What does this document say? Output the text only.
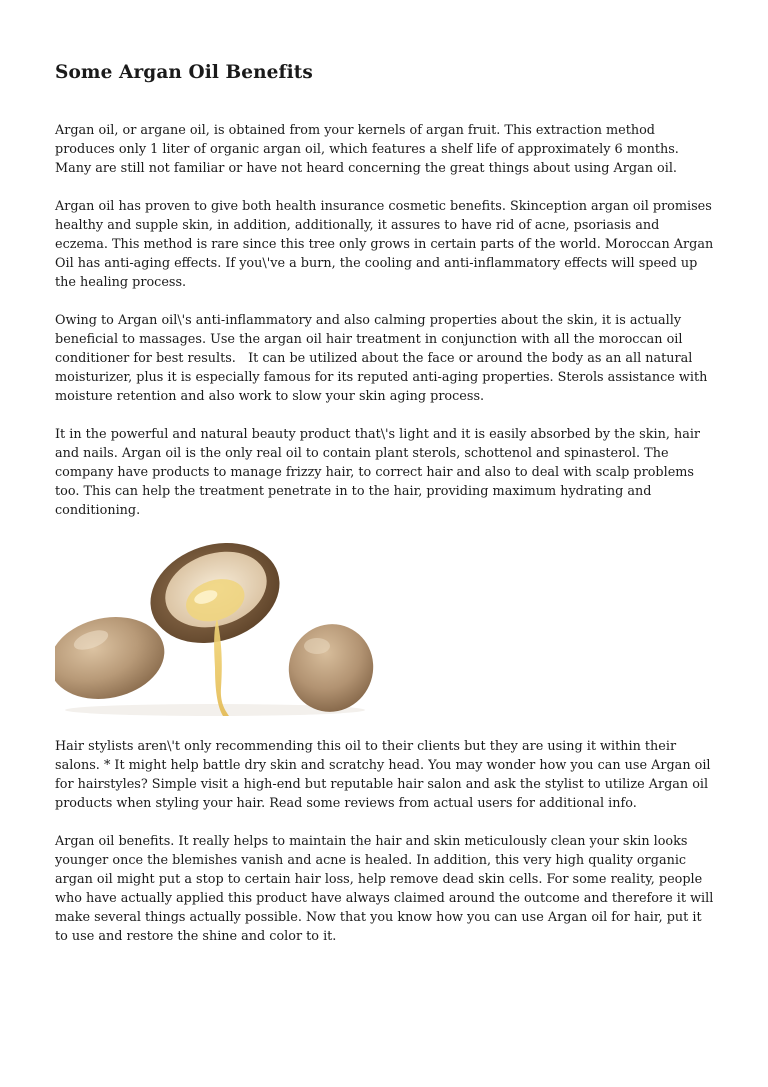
Some Argan Oil Benefits

Argan oil, or argane oil, is obtained from your kernels of argan fruit. This extraction method

produces only 1 liter of organic argan oil, which features a shelf life of approximately 6 months.

Many are still not familiar or have not heard concerning the great things about using Argan oil.

Argan oil has proven to give both health insurance cosmetic benefits. Skinception argan oil promises

healthy and supple skin, in addition, additionally, it assures to have rid of acne, psoriasis and

eczema. This method is rare since this tree only grows in certain parts of the world. Moroccan Argan

Oil has anti-aging effects. If you\'ve a burn, the cooling and anti-inflammatory effects will speed up

the healing process.

Owing to Argan oil\'s anti-inflammatory and also calming properties about the skin, it is actually

beneficial to massages. Use the argan oil hair treatment in conjunction with all the moroccan oil

conditioner for best results.   It can be utilized about the face or around the body as an all natural

moisturizer, plus it is especially famous for its reputed anti-aging properties. Sterols assistance with

moisture retention and also work to slow your skin aging process.

It in the powerful and natural beauty product that\'s light and it is easily absorbed by the skin, hair

and nails. Argan oil is the only real oil to contain plant sterols, schottenol and spinasterol. The

company have products to manage frizzy hair, to correct hair and also to deal with scalp problems

too. This can help the treatment penetrate in to the hair, providing maximum hydrating and

conditioning.

Hair stylists aren\'t only recommending this oil to their clients but they are using it within their

salons. * It might help battle dry skin and scratchy head. You may wonder how you can use Argan oil

for hairstyles? Simple visit a high-end but reputable hair salon and ask the stylist to utilize Argan oil

products when styling your hair. Read some reviews from actual users for additional info.

Argan oil benefits. It really helps to maintain the hair and skin meticulously clean your skin looks

younger once the blemishes vanish and acne is healed. In addition, this very high quality organic

argan oil might put a stop to certain hair loss, help remove dead skin cells. For some reality, people

who have actually applied this product have always claimed around the outcome and therefore it will

make several things actually possible. Now that you know how you can use Argan oil for hair, put it

to use and restore the shine and color to it.
